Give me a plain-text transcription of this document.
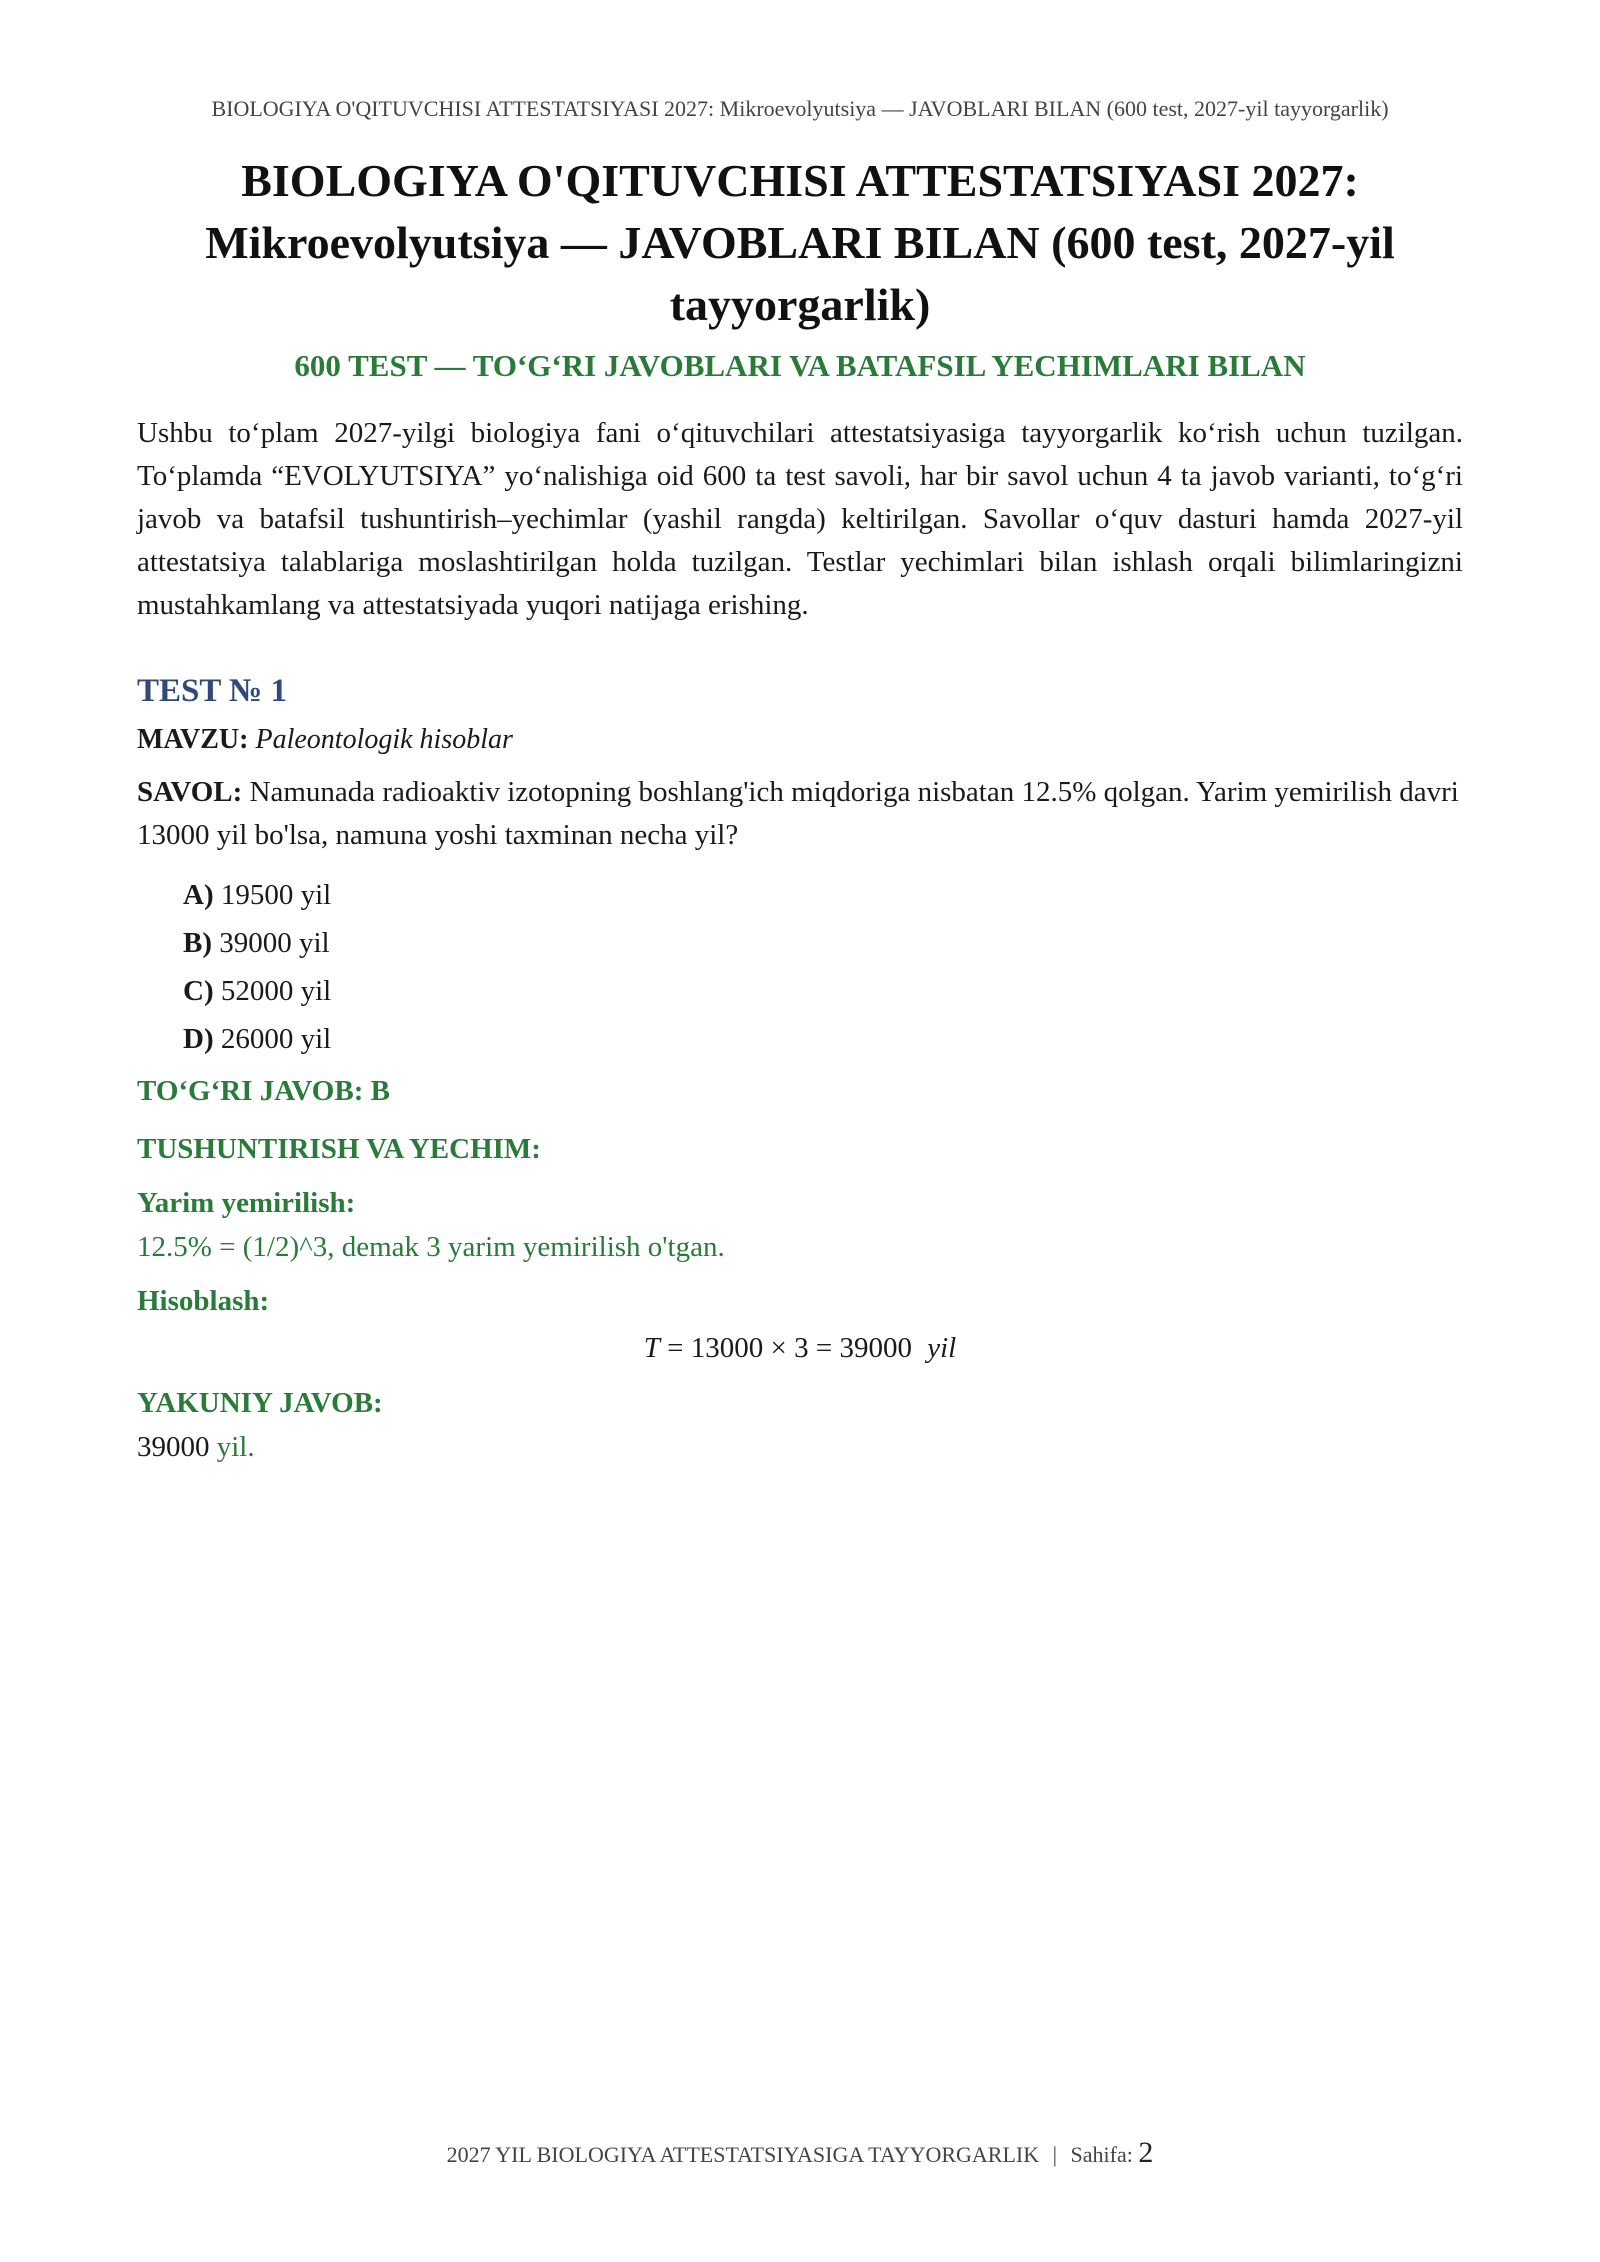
BIOLOGIYA O'QITUVCHISI ATTESTATSIYASI 2027: Mikroevolyutsiya — JAVOBLARI BILAN (600 test, 2027-yil tayyorgarlik)
BIOLOGIYA O'QITUVCHISI ATTESTATSIYASI 2027: Mikroevolyutsiya — JAVOBLARI BILAN (600 test, 2027-yil tayyorgarlik)
600 TEST — TO‘G‘RI JAVOBLARI VA BATAFSIL YECHIMLARI BILAN

Ushbu to‘plam 2027-yilgi biologiya fani o‘qituvchilari attestatsiyasiga tayyorgarlik ko‘rish uchun tuzilgan. To‘plamda “EVOLYUTSIYA” yo‘nalishiga oid 600 ta test savoli, har bir savol uchun 4 ta javob varianti, to‘g‘ri javob va batafsil tushuntirish–yechimlar (yashil rangda) keltirilgan. Savollar o‘quv dasturi hamda 2027-yil attestatsiya talablariga moslashtirilgan holda tuzilgan. Testlar yechimlari bilan ishlash orqali bilimlaringizni mustahkamlang va attestatsiyada yuqori natijaga erishing.

TEST № 1
MAVZU: Paleontologik hisoblar
SAVOL: Namunada radioaktiv izotopning boshlang'ich miqdoriga nisbatan 12.5% qolgan. Yarim yemirilish davri 13000 yil bo'lsa, namuna yoshi taxminan necha yil?
A) 19500 yil
B) 39000 yil
C) 52000 yil
D) 26000 yil
TO‘G‘RI JAVOB: B
TUSHUNTIRISH VA YECHIM:
Yarim yemirilish:
12.5% = (1/2)^3, demak 3 yarim yemirilish o'tgan.
Hisoblash:
T = 13000 × 3 = 39000 yil
YAKUNIY JAVOB:
39000 yil.
2027 YIL BIOLOGIYA ATTESTATSIYASIGA TAYYORGARLIK | Sahifa: 2
